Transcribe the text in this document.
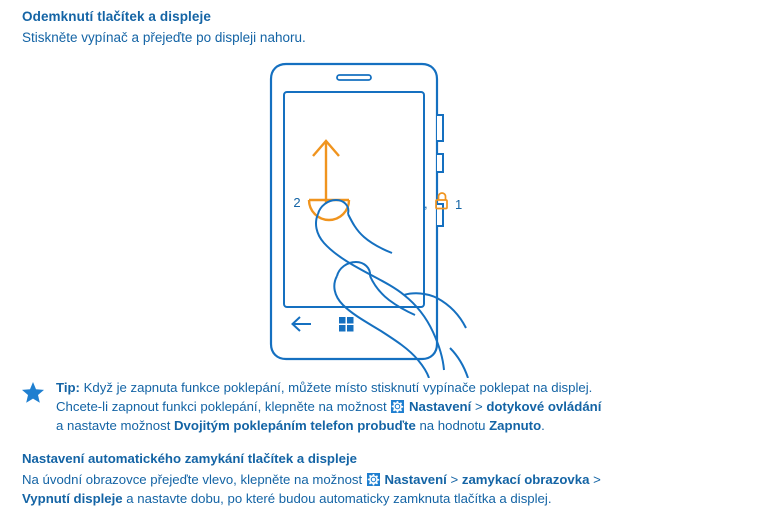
Odemknutí tlačítek a displeje
Stiskněte vypínač a přejeďte po displeji nahoru.
2	, 1
Tip: Když je zapnuta funkce poklepání, můžete místo stisknutí vypínače poklepat na displej.
Chcete-li zapnout funkci poklepání, klepněte na možnost  Nastavení > dotykové ovládání
a nastavte možnost Dvojitým poklepáním telefon probuďte na hodnotu Zapnuto.
Nastavení automatického zamykání tlačítek a displeje
Na úvodní obrazovce přejeďte vlevo, klepněte na možnost  Nastavení > zamykací obrazovka >
Vypnutí displeje a nastavte dobu, po které budou automaticky zamknuta tlačítka a displej.
